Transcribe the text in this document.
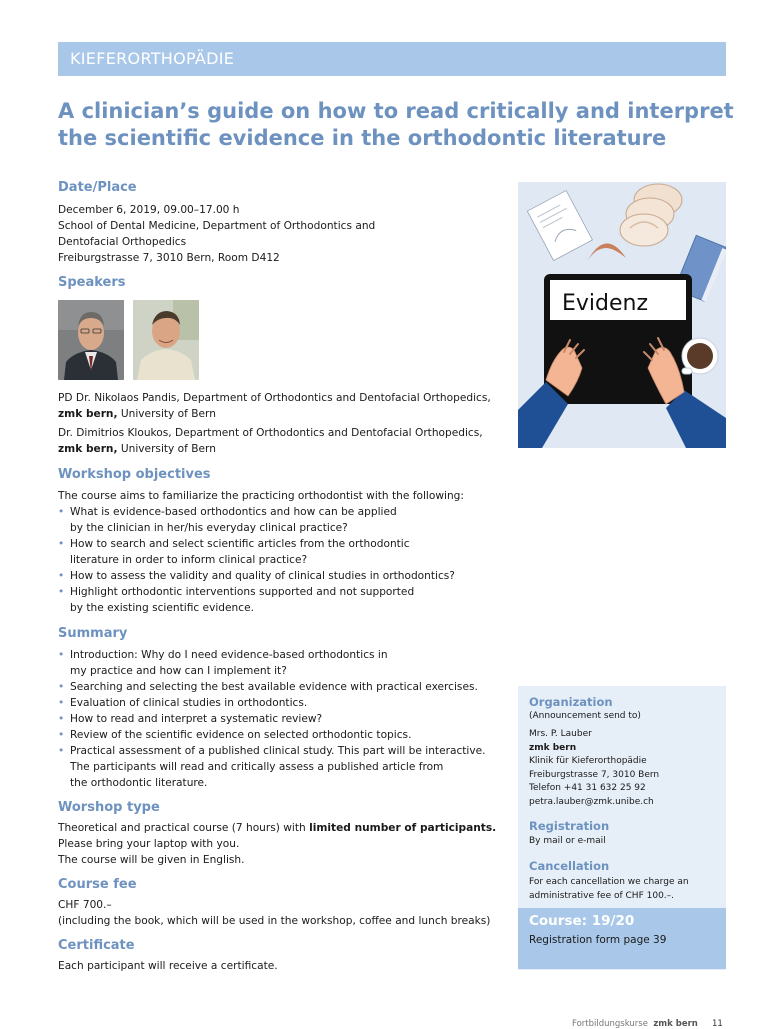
KIEFERORTHOPÄDIE
A clinician’s guide on how to read critically and interpret the scientific evidence in the orthodontic literature
Date/Place
December 6, 2019, 09.00–17.00 h
School of Dental Medicine, Department of Orthodontics and
Dentofacial Orthopedics
Freiburgstrasse 7, 3010 Bern, Room D412
Speakers
PD Dr. Nikolaos Pandis, Department of Orthodontics and Dentofacial Orthopedics,
zmk bern, University of Bern
Dr. Dimitrios Kloukos, Department of Orthodontics and Dentofacial Orthopedics,
zmk bern, University of Bern
Evidenz
Workshop objectives
The course aims to familiarize the practicing orthodontist with the following:
• What is evidence-based orthodontics and how can be applied
by the clinician in her/his everyday clinical practice?
• How to search and select scientific articles from the orthodontic
literature in order to inform clinical practice?
• How to assess the validity and quality of clinical studies in orthodontics?
• Highlight orthodontic interventions supported and not supported
by the existing scientific evidence.
Summary
• Introduction: Why do I need evidence-based orthodontics in
my practice and how can I implement it?
• Searching and selecting the best available evidence with practical exercises.
• Evaluation of clinical studies in orthodontics.
• How to read and interpret a systematic review?
• Review of the scientific evidence on selected orthodontic topics.
• Practical assessment of a published clinical study. This part will be interactive.
The participants will read and critically assess a published article from
the orthodontic literature.
Worshop type
Theoretical and practical course (7 hours) with limited number of participants.
Please bring your laptop with you.
The course will be given in English.
Course fee
CHF 700.–
(including the book, which will be used in the workshop, coffee and lunch breaks)
Certificate
Each participant will receive a certificate.
Organization
(Announcement send to)
Mrs. P. Lauber
zmk bern
Klinik für Kieferorthopädie
Freiburgstrasse 7, 3010 Bern
Telefon +41 31 632 25 92
petra.lauber@zmk.unibe.ch
Registration
By mail or e-mail
Cancellation
For each cancellation we charge an
administrative fee of CHF 100.–.
Course: 19/20
Registration form page 39
Fortbildungskurse zmk bern 11
